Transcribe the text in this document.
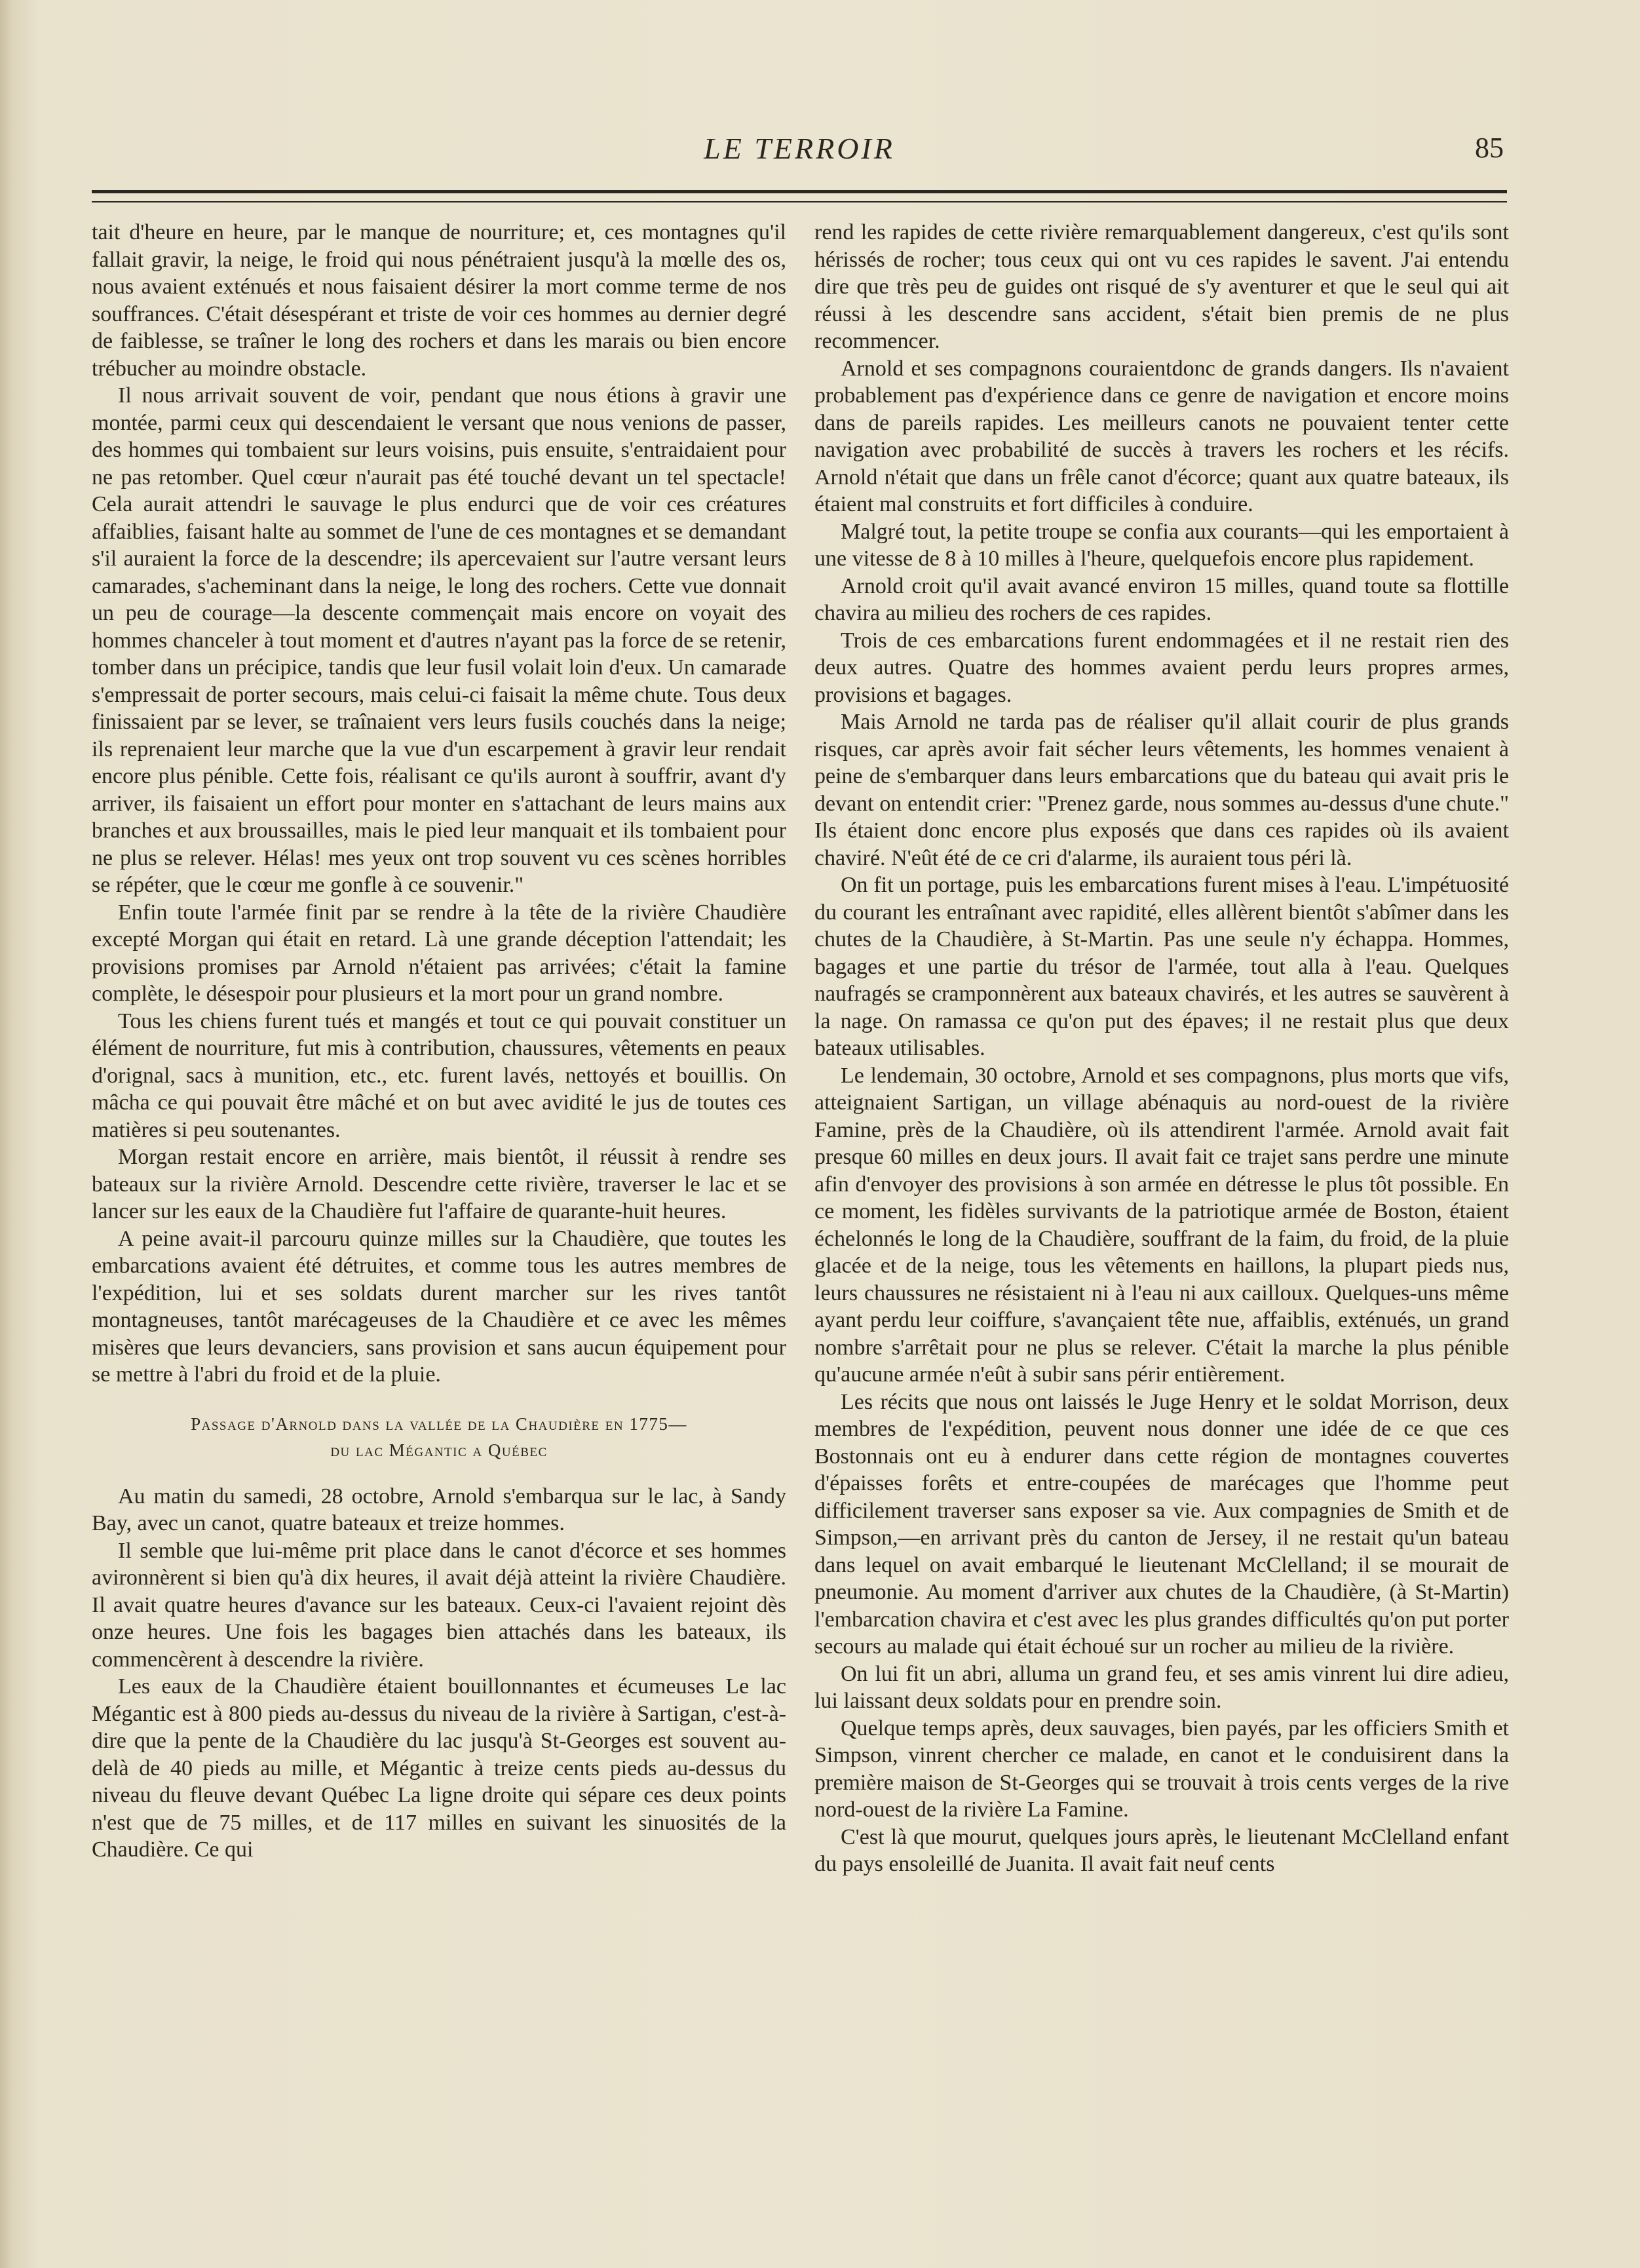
LE TERROIR	85

tait d'heure en heure, par le manque de nourriture; et, ces montagnes qu'il fallait gravir, la neige, le froid qui nous pénétraient jusqu'à la mœlle des os, nous avaient exténués et nous faisaient désirer la mort comme terme de nos souffrances. C'était désespérant et triste de voir ces hommes au dernier degré de faiblesse, se traîner le long des rochers et dans les marais ou bien encore trébucher au moindre obstacle.

Il nous arrivait souvent de voir, pendant que nous étions à gravir une montée, parmi ceux qui descendaient le versant que nous venions de passer, des hommes qui tombaient sur leurs voisins, puis ensuite, s'entraidaient pour ne pas retomber. Quel cœur n'aurait pas été touché devant un tel spectacle! Cela aurait attendri le sauvage le plus endurci que de voir ces créatures affaiblies, faisant halte au sommet de l'une de ces montagnes et se demandant s'il auraient la force de la descendre; ils apercevaient sur l'autre versant leurs camarades, s'acheminant dans la neige, le long des rochers. Cette vue donnait un peu de courage—la descente commençait mais encore on voyait des hommes chanceler à tout moment et d'autres n'ayant pas la force de se retenir, tomber dans un précipice, tandis que leur fusil volait loin d'eux. Un camarade s'empressait de porter secours, mais celui-ci faisait la même chute. Tous deux finissaient par se lever, se traînaient vers leurs fusils couchés dans la neige; ils reprenaient leur marche que la vue d'un escarpement à gravir leur rendait encore plus pénible. Cette fois, réalisant ce qu'ils auront à souffrir, avant d'y arriver, ils faisaient un effort pour monter en s'attachant de leurs mains aux branches et aux broussailles, mais le pied leur manquait et ils tombaient pour ne plus se relever. Hélas! mes yeux ont trop souvent vu ces scènes horribles se répéter, que le cœur me gonfle à ce souvenir."

Enfin toute l'armée finit par se rendre à la tête de la rivière Chaudière excepté Morgan qui était en retard. Là une grande déception l'attendait; les provisions promises par Arnold n'étaient pas arrivées; c'était la famine complète, le désespoir pour plusieurs et la mort pour un grand nombre.

Tous les chiens furent tués et mangés et tout ce qui pouvait constituer un élément de nourriture, fut mis à contribution, chaussures, vêtements en peaux d'orignal, sacs à munition, etc., etc. furent lavés, nettoyés et bouillis. On mâcha ce qui pouvait être mâché et on but avec avidité le jus de toutes ces matières si peu soutenantes.

Morgan restait encore en arrière, mais bientôt, il réussit à rendre ses bateaux sur la rivière Arnold. Descendre cette rivière, traverser le lac et se lancer sur les eaux de la Chaudière fut l'affaire de quarante-huit heures.

A peine avait-il parcouru quinze milles sur la Chaudière, que toutes les embarcations avaient été détruites, et comme tous les autres membres de l'expédition, lui et ses soldats durent marcher sur les rives tantôt montagneuses, tantôt marécageuses de la Chaudière et ce avec les mêmes misères que leurs devanciers, sans provision et sans aucun équipement pour se mettre à l'abri du froid et de la pluie.

Passage d'Arnold dans la vallée de la Chaudière en 1775—
du lac Mégantic a Québec

Au matin du samedi, 28 octobre, Arnold s'embarqua sur le lac, à Sandy Bay, avec un canot, quatre bateaux et treize hommes.

Il semble que lui-même prit place dans le canot d'écorce et ses hommes avironnèrent si bien qu'à dix heures, il avait déjà atteint la rivière Chaudière. Il avait quatre heures d'avance sur les bateaux. Ceux-ci l'avaient rejoint dès onze heures. Une fois les bagages bien attachés dans les bateaux, ils commencèrent à descendre la rivière.

Les eaux de la Chaudière étaient bouillonnantes et écumeuses Le lac Mégantic est à 800 pieds au-dessus du niveau de la rivière à Sartigan, c'est-à-dire que la pente de la Chaudière du lac jusqu'à St-Georges est souvent au-delà de 40 pieds au mille, et Mégantic à treize cents pieds au-dessus du niveau du fleuve devant Québec La ligne droite qui sépare ces deux points n'est que de 75 milles, et de 117 milles en suivant les sinuosités de la Chaudière. Ce qui

rend les rapides de cette rivière remarquablement dangereux, c'est qu'ils sont hérissés de rocher; tous ceux qui ont vu ces rapides le savent. J'ai entendu dire que très peu de guides ont risqué de s'y aventurer et que le seul qui ait réussi à les descendre sans accident, s'était bien premis de ne plus recommencer.

Arnold et ses compagnons couraientdonc de grands dangers. Ils n'avaient probablement pas d'expérience dans ce genre de navigation et encore moins dans de pareils rapides. Les meilleurs canots ne pouvaient tenter cette navigation avec probabilité de succès à travers les rochers et les récifs. Arnold n'était que dans un frêle canot d'écorce; quant aux quatre bateaux, ils étaient mal construits et fort difficiles à conduire.

Malgré tout, la petite troupe se confia aux courants—qui les emportaient à une vitesse de 8 à 10 milles à l'heure, quelquefois encore plus rapidement.

Arnold croit qu'il avait avancé environ 15 milles, quand toute sa flottille chavira au milieu des rochers de ces rapides.

Trois de ces embarcations furent endommagées et il ne restait rien des deux autres. Quatre des hommes avaient perdu leurs propres armes, provisions et bagages.

Mais Arnold ne tarda pas de réaliser qu'il allait courir de plus grands risques, car après avoir fait sécher leurs vêtements, les hommes venaient à peine de s'embarquer dans leurs embarcations que du bateau qui avait pris le devant on entendit crier: "Prenez garde, nous sommes au-dessus d'une chute." Ils étaient donc encore plus exposés que dans ces rapides où ils avaient chaviré. N'eût été de ce cri d'alarme, ils auraient tous péri là.

On fit un portage, puis les embarcations furent mises à l'eau. L'impétuosité du courant les entraînant avec rapidité, elles allèrent bientôt s'abîmer dans les chutes de la Chaudière, à St-Martin. Pas une seule n'y échappa. Hommes, bagages et une partie du trésor de l'armée, tout alla à l'eau. Quelques naufragés se cramponnèrent aux bateaux chavirés, et les autres se sauvèrent à la nage. On ramassa ce qu'on put des épaves; il ne restait plus que deux bateaux utilisables.

Le lendemain, 30 octobre, Arnold et ses compagnons, plus morts que vifs, atteignaient Sartigan, un village abénaquis au nord-ouest de la rivière Famine, près de la Chaudière, où ils attendirent l'armée. Arnold avait fait presque 60 milles en deux jours. Il avait fait ce trajet sans perdre une minute afin d'envoyer des provisions à son armée en détresse le plus tôt possible. En ce moment, les fidèles survivants de la patriotique armée de Boston, étaient échelonnés le long de la Chaudière, souffrant de la faim, du froid, de la pluie glacée et de la neige, tous les vêtements en haillons, la plupart pieds nus, leurs chaussures ne résistaient ni à l'eau ni aux cailloux. Quelques-uns même ayant perdu leur coiffure, s'avançaient tête nue, affaiblis, exténués, un grand nombre s'arrêtait pour ne plus se relever. C'était la marche la plus pénible qu'aucune armée n'eût à subir sans périr entièrement.

Les récits que nous ont laissés le Juge Henry et le soldat Morrison, deux membres de l'expédition, peuvent nous donner une idée de ce que ces Bostonnais ont eu à endurer dans cette région de montagnes couvertes d'épaisses forêts et entre-coupées de marécages que l'homme peut difficilement traverser sans exposer sa vie. Aux compagnies de Smith et de Simpson,—en arrivant près du canton de Jersey, il ne restait qu'un bateau dans lequel on avait embarqué le lieutenant McClelland; il se mourait de pneumonie. Au moment d'arriver aux chutes de la Chaudière, (à St-Martin) l'embarcation chavira et c'est avec les plus grandes difficultés qu'on put porter secours au malade qui était échoué sur un rocher au milieu de la rivière.

On lui fit un abri, alluma un grand feu, et ses amis vinrent lui dire adieu, lui laissant deux soldats pour en prendre soin.

Quelque temps après, deux sauvages, bien payés, par les officiers Smith et Simpson, vinrent chercher ce malade, en canot et le conduisirent dans la première maison de St-Georges qui se trouvait à trois cents verges de la rive nord-ouest de la rivière La Famine.

C'est là que mourut, quelques jours après, le lieutenant McClelland enfant du pays ensoleillé de Juanita. Il avait fait neuf cents
